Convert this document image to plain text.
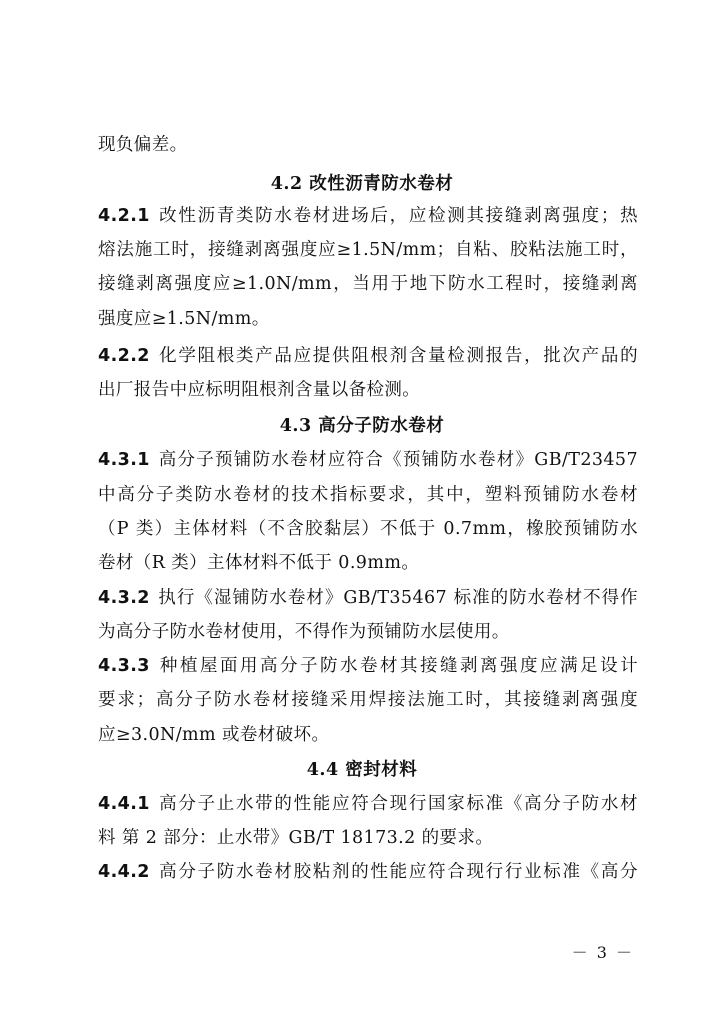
现负偏差。
4.2 改性沥青防水卷材
4.2.1 改性沥青类防水卷材进场后，应检测其接缝剥离强度；热
熔法施工时，接缝剥离强度应≥1.5N/mm；自粘、胶粘法施工时，
接缝剥离强度应≥1.0N/mm，当用于地下防水工程时，接缝剥离
强度应≥1.5N/mm。
4.2.2 化学阻根类产品应提供阻根剂含量检测报告，批次产品的
出厂报告中应标明阻根剂含量以备检测。
4.3 高分子防水卷材
4.3.1 高分子预铺防水卷材应符合《预铺防水卷材》GB/T23457
中高分子类防水卷材的技术指标要求，其中，塑料预铺防水卷材
（P 类）主体材料（不含胶黏层）不低于 0.7mm，橡胶预铺防水
卷材（R 类）主体材料不低于 0.9mm。
4.3.2 执行《湿铺防水卷材》GB/T35467 标准的防水卷材不得作
为高分子防水卷材使用，不得作为预铺防水层使用。
4.3.3 种植屋面用高分子防水卷材其接缝剥离强度应满足设计
要求；高分子防水卷材接缝采用焊接法施工时，其接缝剥离强度
应≥3.0N/mm 或卷材破坏。
4.4 密封材料
4.4.1 高分子止水带的性能应符合现行国家标准《高分子防水材
料 第 2 部分：止水带》GB/T 18173.2 的要求。
4.4.2 高分子防水卷材胶粘剂的性能应符合现行行业标准《高分
－ 3 －
